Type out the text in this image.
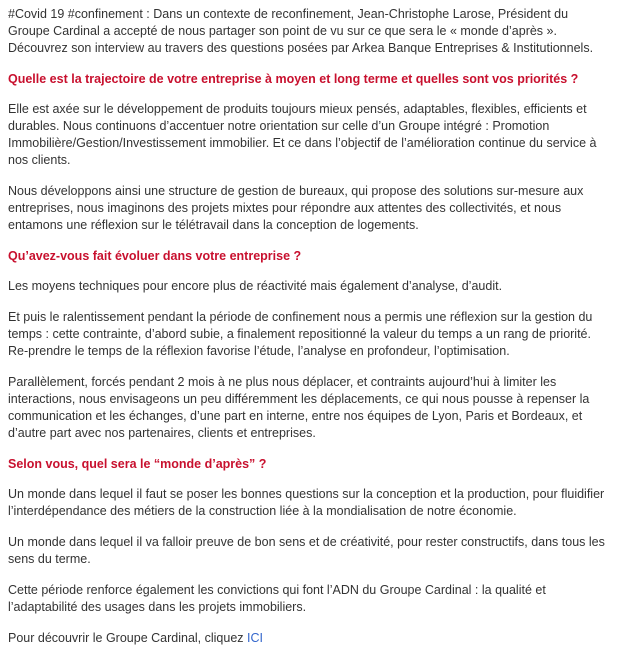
#Covid 19 #confinement : Dans un contexte de reconfinement, Jean-Christophe Larose, Président du Groupe Cardinal a accepté de nous partager son point de vu sur ce que sera le « monde d’après ». Découvrez son interview au travers des questions posées par Arkea Banque Entreprises & Institutionnels.

Quelle est la trajectoire de votre entreprise à moyen et long terme et quelles sont vos priorités ?

Elle est axée sur le développement de produits toujours mieux pensés, adaptables, flexibles, efficients et durables. Nous continuons d’accentuer notre orientation sur celle d’un Groupe intégré : Promotion Immobilière/Gestion/Investissement immobilier. Et ce dans l’objectif de l’amélioration continue du service à nos clients.

Nous développons ainsi une structure de gestion de bureaux, qui propose des solutions sur-mesure aux entreprises, nous imaginons des projets mixtes pour répondre aux attentes des collectivités, et nous entamons une réflexion sur le télétravail dans la conception de logements.

Qu’avez-vous fait évoluer dans votre entreprise ?

Les moyens techniques pour encore plus de réactivité mais également d’analyse, d’audit.

Et puis le ralentissement pendant la période de confinement nous a permis une réflexion sur la gestion du temps : cette contrainte, d’abord subie, a finalement repositionné la valeur du temps a un rang de priorité. Re-prendre le temps de la réflexion favorise l’étude, l’analyse en profondeur, l’optimisation.

Parallèlement, forcés pendant 2 mois à ne plus nous déplacer, et contraints aujourd’hui à limiter les interactions, nous envisageons un peu différemment les déplacements, ce qui nous pousse à repenser la communication et les échanges, d’une part en interne, entre nos équipes de Lyon, Paris et Bordeaux, et d’autre part avec nos partenaires, clients et entreprises.

Selon vous, quel sera le “monde d’après” ?

Un monde dans lequel il faut se poser les bonnes questions sur la conception et la production, pour fluidifier l’interdépendance des métiers de la construction liée à la mondialisation de notre économie.

Un monde dans lequel il va falloir preuve de bon sens et de créativité, pour rester constructifs, dans tous les sens du terme.

Cette période renforce également les convictions qui font l’ADN du Groupe Cardinal : la qualité et l’adaptabilité des usages dans les projets immobiliers.

Pour découvrir le Groupe Cardinal, cliquez ICI
